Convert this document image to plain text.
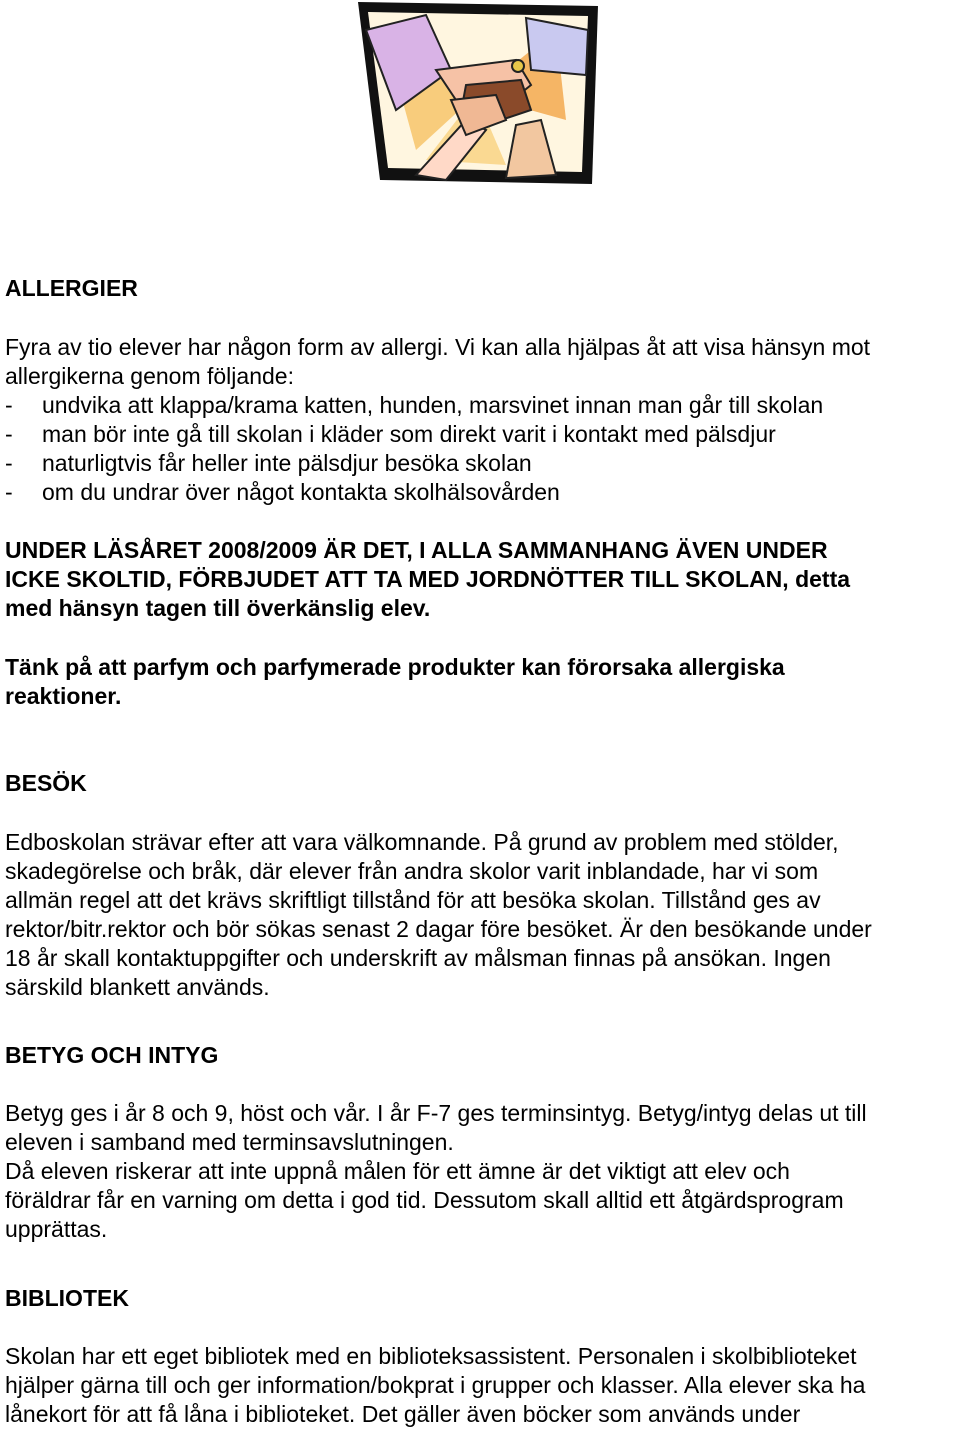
ALLERGIER
Fyra av tio elever har någon form av allergi. Vi kan alla hjälpas åt att visa hänsyn mot
allergikerna genom följande:
- undvika att klappa/krama katten, hunden, marsvinet innan man går till skolan
- man bör inte gå till skolan i kläder som direkt varit i kontakt med pälsdjur
- naturligtvis får heller inte pälsdjur besöka skolan
- om du undrar över något kontakta skolhälsovården
UNDER LÄSÅRET 2008/2009 ÄR DET, I ALLA SAMMANHANG ÄVEN UNDER
ICKE SKOLTID, FÖRBJUDET ATT TA MED JORDNÖTTER TILL SKOLAN, detta
med hänsyn tagen till överkänslig elev.
Tänk på att parfym och parfymerade produkter kan förorsaka allergiska
reaktioner.
BESÖK
Edboskolan strävar efter att vara välkomnande. På grund av problem med stölder,
skadegörelse och bråk, där elever från andra skolor varit inblandade, har vi som
allmän regel att det krävs skriftligt tillstånd för att besöka skolan. Tillstånd ges av
rektor/bitr.rektor och bör sökas senast 2 dagar före besöket. Är den besökande under
18 år skall kontaktuppgifter och underskrift av målsman finnas på ansökan. Ingen
särskild blankett används.
BETYG OCH INTYG
Betyg ges i år 8 och 9, höst och vår. I år F-7 ges terminsintyg. Betyg/intyg delas ut till
eleven i samband med terminsavslutningen.
Då eleven riskerar att inte uppnå målen för ett ämne är det viktigt att elev och
föräldrar får en varning om detta i god tid. Dessutom skall alltid ett åtgärdsprogram
upprättas.
BIBLIOTEK
Skolan har ett eget bibliotek med en biblioteksassistent. Personalen i skolbiblioteket
hjälper gärna till och ger information/bokprat i grupper och klasser. Alla elever ska ha
lånekort för att få låna i biblioteket. Det gäller även böcker som används under
